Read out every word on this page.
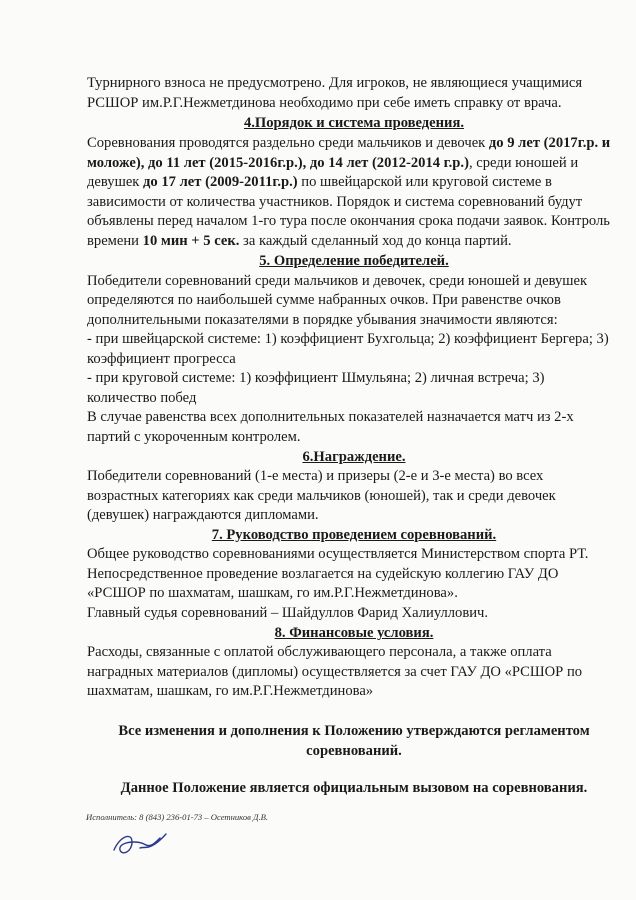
Турнирного взноса не предусмотрено. Для игроков, не являющиеся учащимися
РСШОР им.Р.Г.Нежметдинова необходимо при себе иметь справку от врача.
Соревнования проводятся раздельно среди мальчиков и девочек до 9 лет (2017г.р. и
моложе), до 11 лет (2015-2016г.р.), до 14 лет (2012-2014 г.р.), среди юношей и
девушек до 17 лет (2009-2011г.р.) по швейцарской или круговой системе в
зависимости от количества участников. Порядок и система соревнований будут
объявлены перед началом 1-го тура после окончания срока подачи заявок. Контроль
времени 10 мин + 5 сек. за каждый сделанный ход до конца партий.
Победители соревнований среди мальчиков и девочек, среди юношей и девушек
определяются по наибольшей сумме набранных очков. При равенстве очков
дополнительными показателями в порядке убывания значимости являются:
- при швейцарской системе: 1) коэффициент Бухгольца; 2) коэффициент Бергера; 3)
коэффициент прогресса
- при круговой системе: 1) коэффициент Шмульяна; 2) личная встреча; 3)
количество побед
В случае равенства всех дополнительных показателей назначается матч из 2-х
партий с укороченным контролем.
Победители соревнований (1-е места) и призеры (2-е и 3-е места) во всех
возрастных категориях как среди мальчиков (юношей), так и среди девочек
(девушек) награждаются дипломами.
Общее руководство соревнованиями осуществляется Министерством спорта РТ.
Непосредственное проведение возлагается на судейскую коллегию ГАУ ДО
«РСШОР по шахматам, шашкам, го им.Р.Г.Нежметдинова».
Главный судья соревнований – Шайдуллов Фарид Халиуллович.
Расходы, связанные с оплатой обслуживающего персонала, а также оплата
наградных материалов (дипломы) осуществляется за счет ГАУ ДО «РСШОР по
шахматам, шашкам, го им.Р.Г.Нежметдинова»
4.Порядок и система проведения.
5. Определение победителей.
6.Награждение.
7. Руководство проведением соревнований.
8. Финансовые условия.
Все изменения и дополнения к Положению утверждаются регламентом
соревнований.
Данное Положение является официальным вызовом на соревнования.
Исполнитель: 8 (843) 236-01-73 – Осетников Д.В.
